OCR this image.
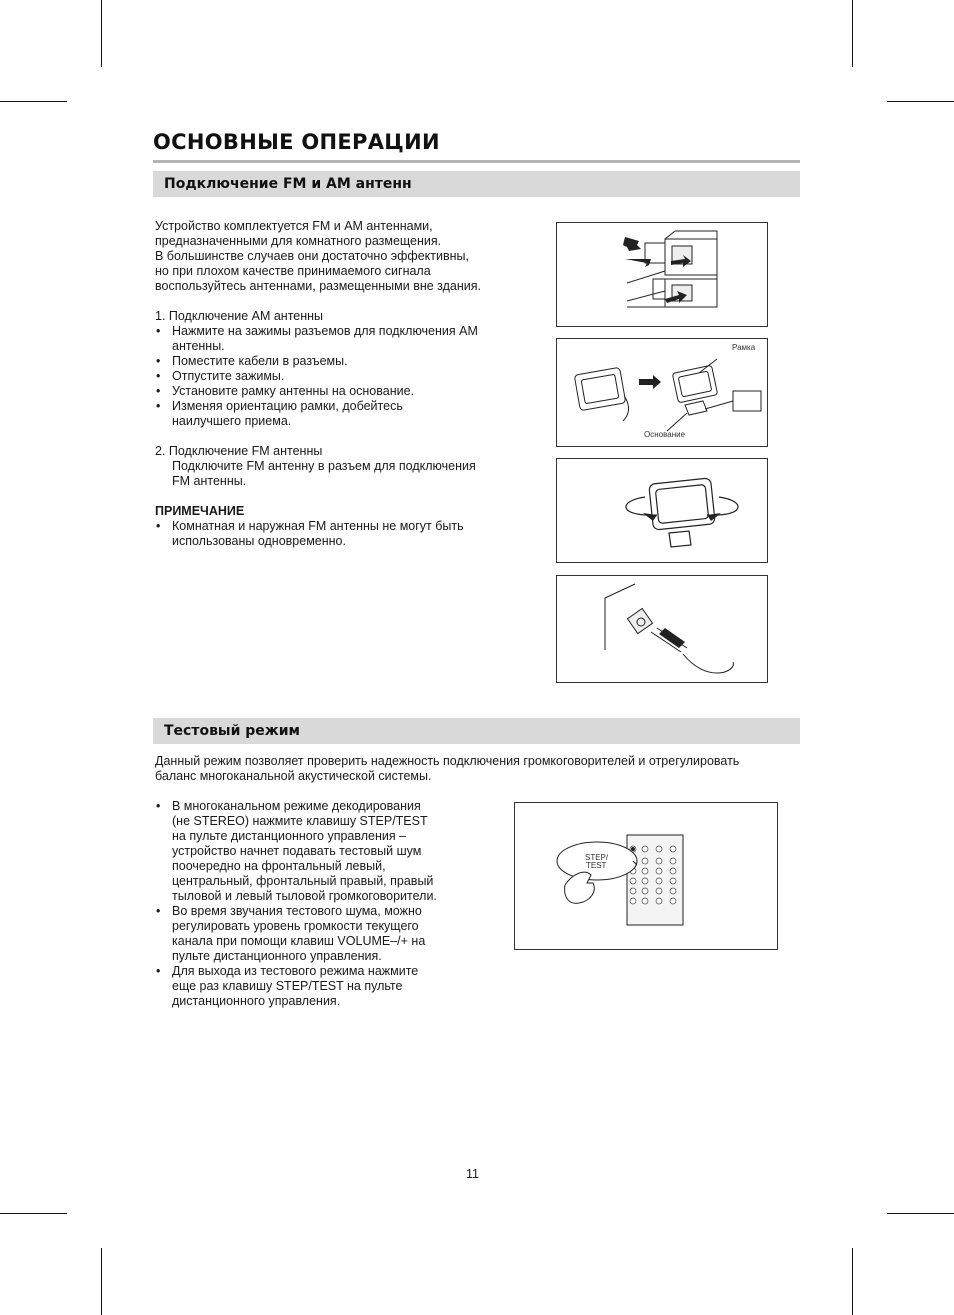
ОСНОВНЫЕ ОПЕРАЦИИ
Подключение FM и AM антенн

Устройство комплектуется FM и AM антеннами,

предназначенными для комнатного размещения.

В большинстве случаев они достаточно эффективны,

но при плохом качестве принимаемого сигнала

воспользуйтесь антеннами, размещенными вне здания.

1. Подключение AM антенны

• Нажмите на зажимы разъемов для подключения АМ антенны.
• Поместите кабели в разъемы.
• Отпустите зажимы.
• Установите рамку антенны на основание.
• Изменяя ориентацию рамки, добейтесь наилучшего приема.

2. Подключение FM антенны

Подключите FM антенну в разъем для подключения

FM антенны.

ПРИМЕЧАНИЕ

• Комнатная и наружная FM антенны не могут быть использованы одновременно.
Рамка
Основание
Тестовый режим

Данный режим позволяет проверить надежность подключения громкоговорителей и отрегулировать

баланс многоканальной акустической системы.

• В многоканальном режиме декодирования (не STEREO) нажмите клавишу STEP/TEST на пульте дистанционного управления – устройство начнет подавать тестовый шум поочередно на фронтальный левый, центральный, фронтальный правый, правый тыловой и левый тыловой громкоговорители.
• Во время звучания тестового шума, можно регулировать уровень громкости текущего канала при помощи клавиш VOLUME–/+ на пульте дистанционного управления.
• Для выхода из тестового режима нажмите еще раз клавишу STEP/TEST на пульте дистанционного управления.
STEP/
TEST
11
